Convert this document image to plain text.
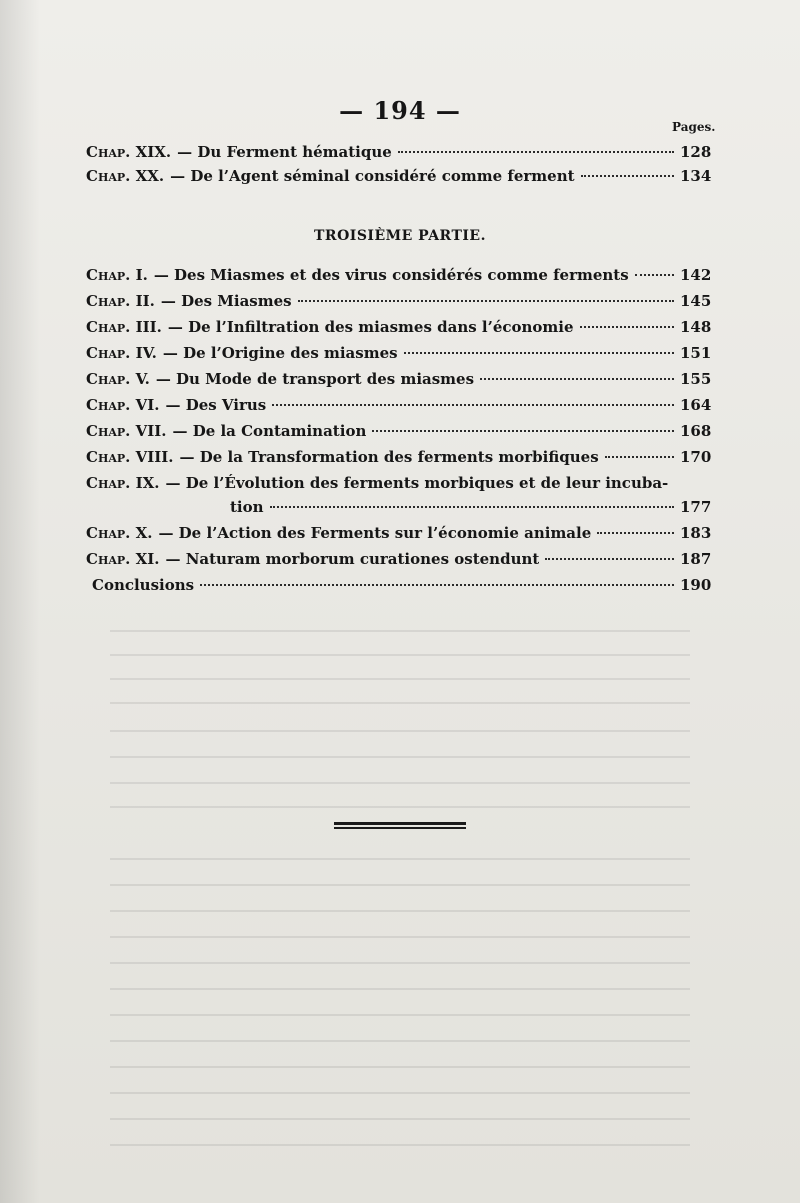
— 194 —
Pages.
Chap. XIX. — Du Ferment hématique	128
Chap. XX. — De l’Agent séminal considéré comme ferment	134
TROISIÈME PARTIE.
Chap. I. — Des Miasmes et des virus considérés comme ferments	142
Chap. II. — Des Miasmes	145
Chap. III. — De l’Infiltration des miasmes dans l’économie	148
Chap. IV. — De l’Origine des miasmes	151
Chap. V. — Du Mode de transport des miasmes	155
Chap. VI. — Des Virus	164
Chap. VII. — De la Contamination	168
Chap. VIII. — De la Transformation des ferments morbifiques	170
Chap. IX. — De l’Évolution des ferments morbiques et de leur incuba-
tion	177
Chap. X. — De l’Action des Ferments sur l’économie animale	183
Chap. XI. — Naturam morborum curationes ostendunt	187
Conclusions	190
